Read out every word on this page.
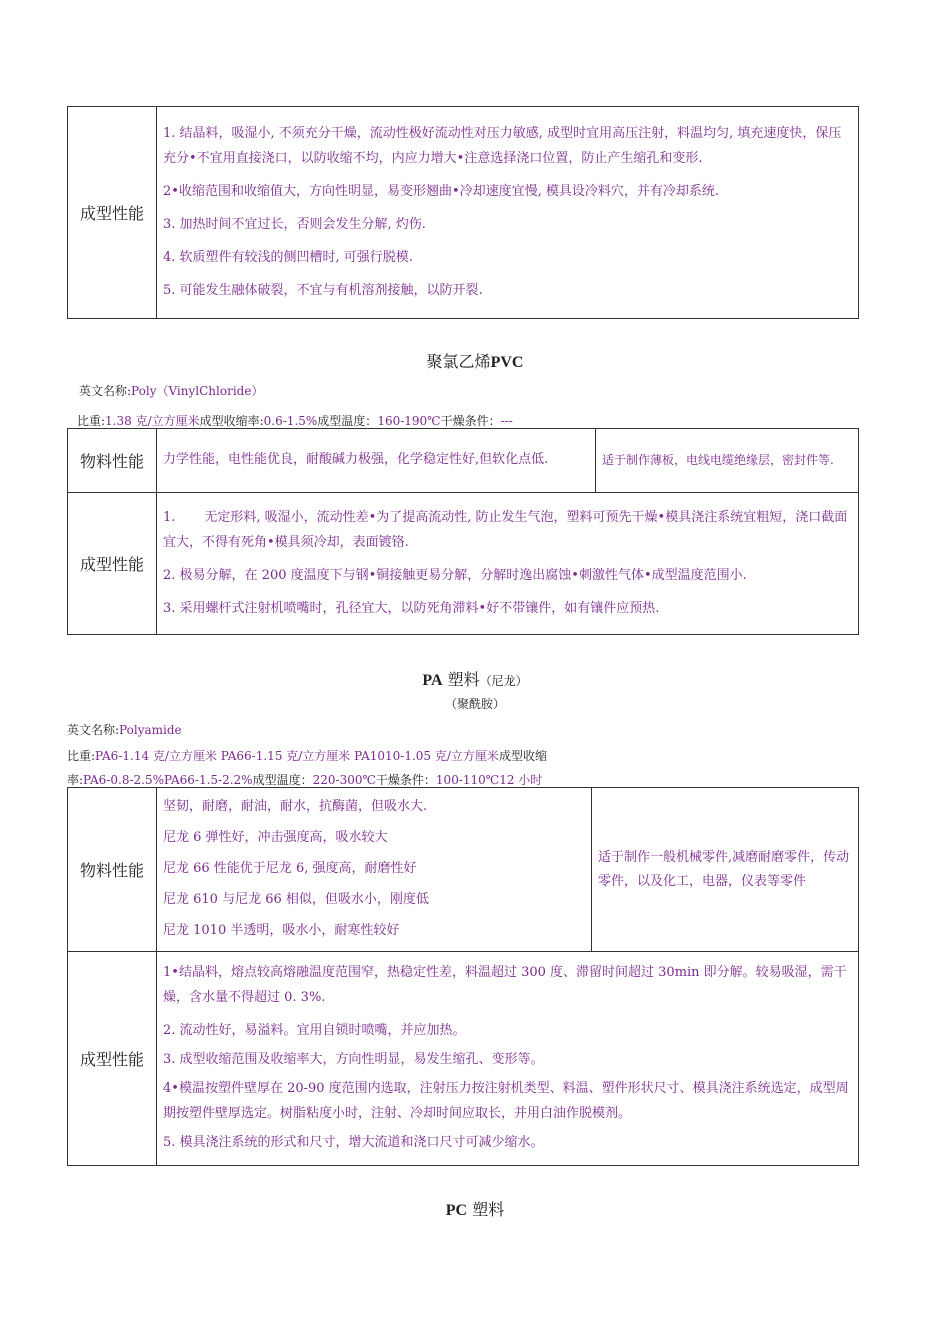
成型性能	

1. 结晶料，吸湿小, 不须充分干燥，流动性极好流动性对压力敏感, 成型时宜用高压注射，料温均匀, 填充速度快，保压充分•不宜用直接浇口，以防收缩不均，内应力增大•注意选择浇口位置，防止产生缩孔和变形.

2•收缩范围和收缩值大，方向性明显，易变形翘曲•冷却速度宜慢, 模具设冷料穴，并有冷却系统.

3. 加热时间不宜过长，否则会发生分解, 灼伤.

4. 软质塑件有较浅的侧凹槽时, 可强行脱模.

5. 可能发生融体破裂，不宜与有机溶剂接触，以防开裂.

聚氯乙烯PVC
英文名称:Poly（VinylChloride）
比重:1.38 克/立方厘米成型收缩率:0.6-1.5%成型温度：160-190℃干燥条件：---
物料性能	力学性能，电性能优良，耐酸碱力极强，化学稳定性好,但软化点低.	适于制作薄板，电线电缆绝缘层，密封件等.
成型性能	1.       无定形料, 吸湿小，流动性差•为了提高流动性, 防止发生气泡，塑料可预先干燥•模具浇注系统宜粗短，浇口截面宜大，不得有死角•模具须冷却，表面镀铬.

2. 极易分解，在 200 度温度下与钢•铜接触更易分解，分解时逸出腐蚀•刺激性气体•成型温度范围小.

3. 采用螺杆式注射机喷嘴时，孔径宜大，以防死角滞料•好不带镶件，如有镶件应预热.	

PA 塑料（尼龙）
（聚酰胺）
英文名称:Polyamide
比重:PA6-1.14 克/立方厘米 PA66-1.15 克/立方厘米 PA1010-1.05 克/立方厘米成型收缩
率:PA6-0.8-2.5%PA66-1.5-2.2%成型温度：220-300℃干燥条件：100-110℃12 小时
物料性能	坚韧，耐磨，耐油，耐水，抗酶菌，但吸水大.

尼龙 6 弹性好，冲击强度高，吸水较大

尼龙 66 性能优于尼龙 6, 强度高，耐磨性好

尼龙 610 与尼龙 66 相似，但吸水小，刚度低

尼龙 1010 半透明，吸水小，耐寒性较好	适于制作一般机械零件,减磨耐磨零件，传动零件，以及化工，电器，仪表等零件
成型性能	1•结晶料，熔点较高熔融温度范围窄，热稳定性差，料温超过 300 度、滞留时间超过 30min 即分解。较易吸湿，需干燥，含水量不得超过 0. 3%.

2. 流动性好，易溢料。宜用自锁时喷嘴，并应加热。

3. 成型收缩范围及收缩率大，方向性明显，易发生缩孔、变形等。

4•模温按塑件壁厚在 20-90 度范围内选取，注射压力按注射机类型、料温、塑件形状尺寸、模具浇注系统选定，成型周期按塑件壁厚选定。树脂粘度小时，注射、冷却时间应取长，并用白油作脱模剂。

5. 模具浇注系统的形式和尺寸，增大流道和浇口尺寸可减少缩水。	

PC 塑料
